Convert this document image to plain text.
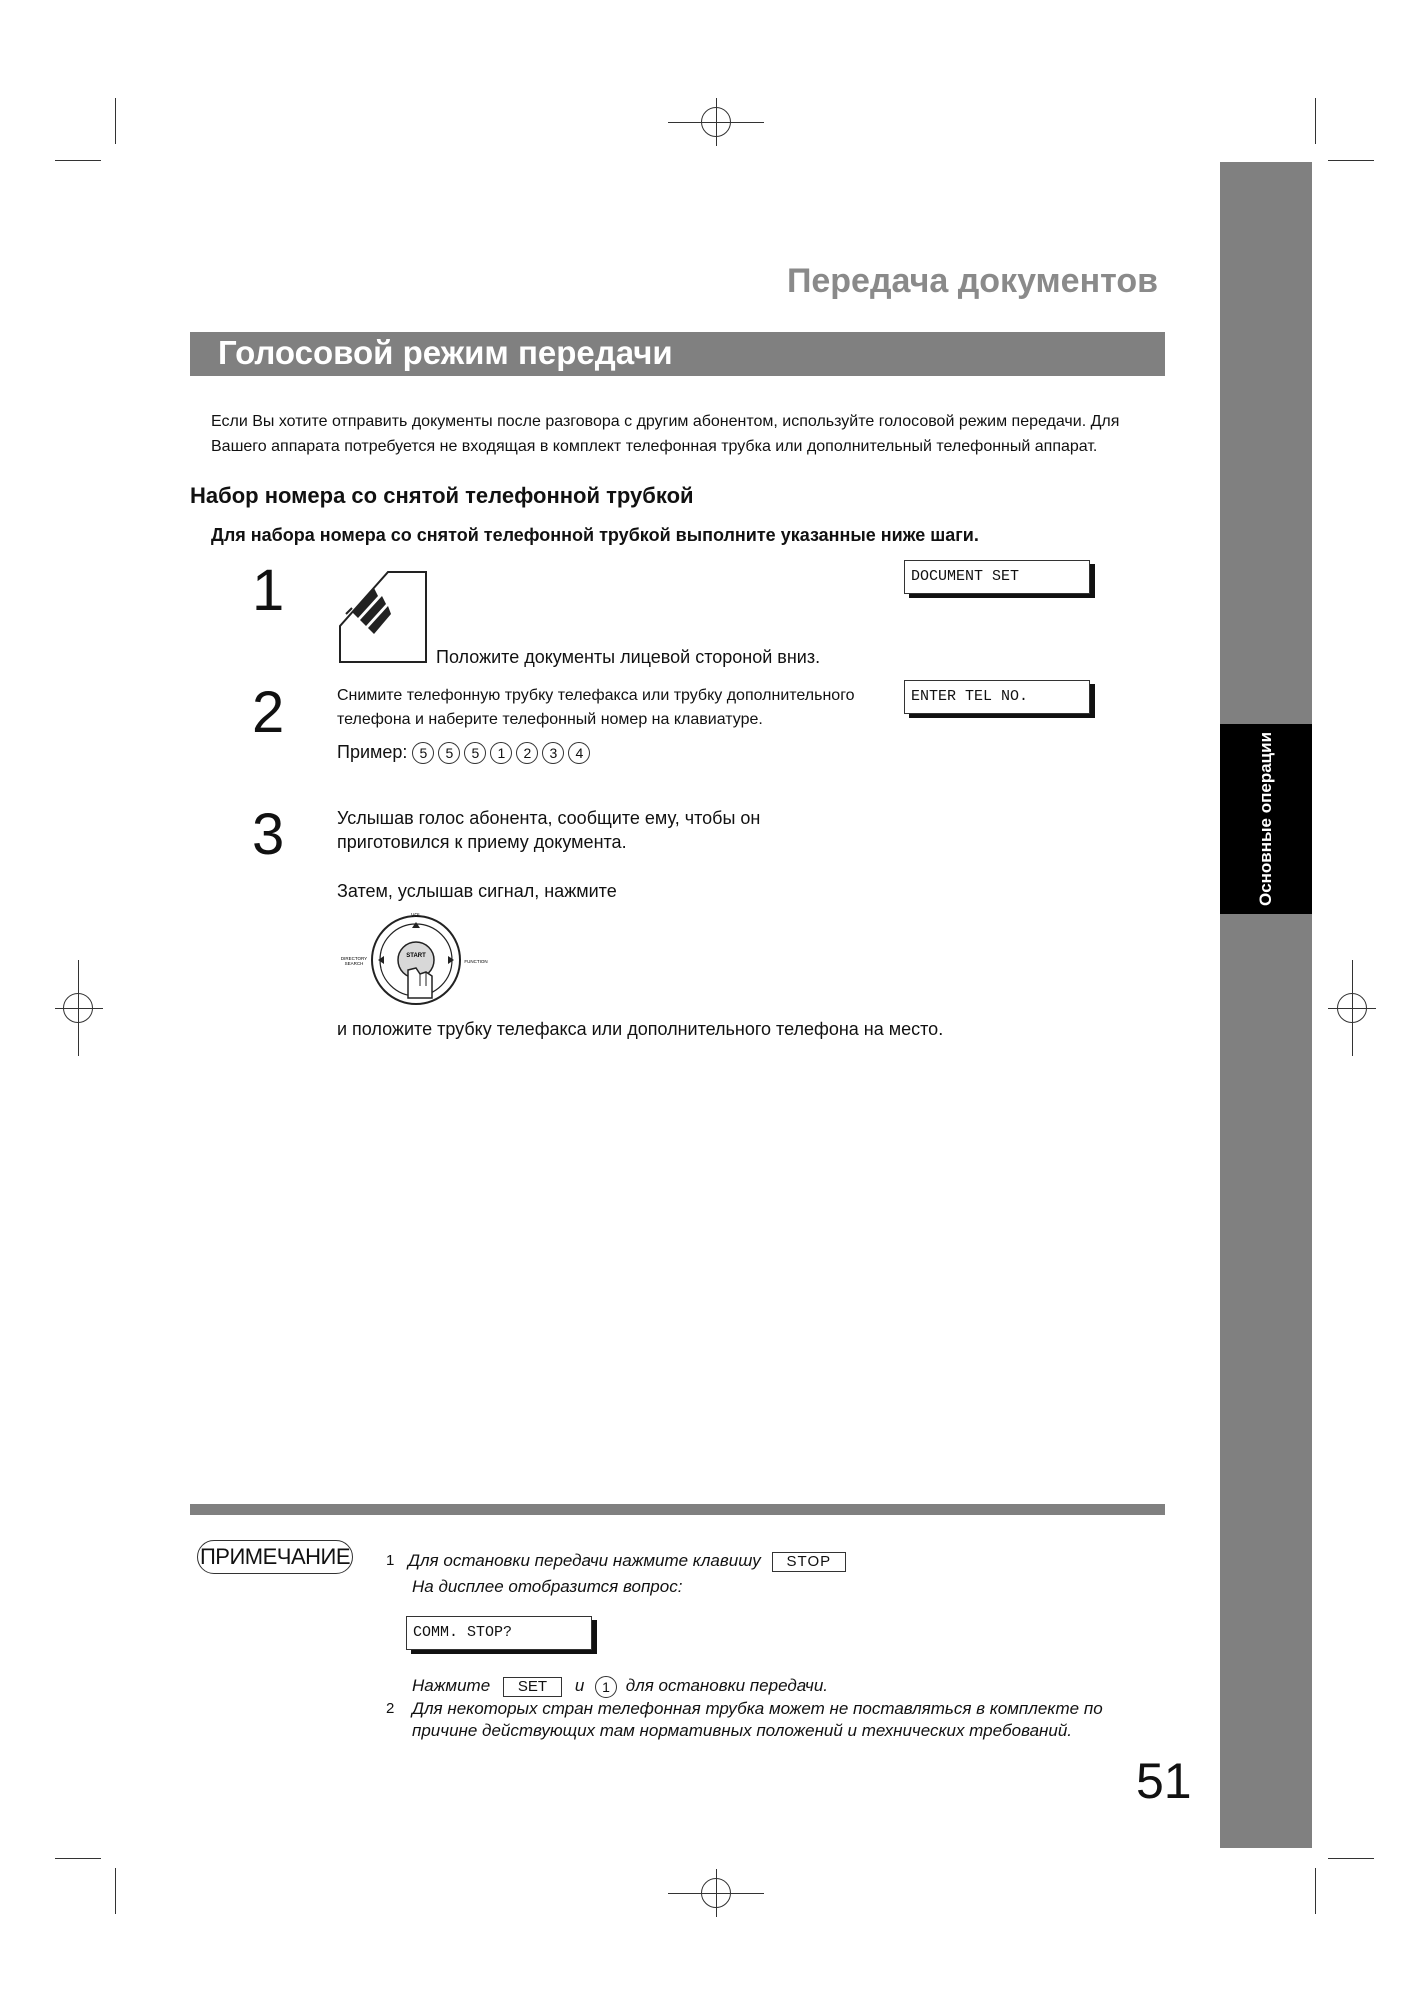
Основные операции
Передача документов
Голосовой режим передачи
Если Вы хотите отправить документы после разговора с другим абонентом, используйте голосовой режим передачи. Для
Вашего аппарата потребуется не входящая в комплект телефонная трубка или дополнительный телефонный аппарат.
Набор номера со снятой телефонной трубкой
Для набора номера со снятой телефонной трубкой выполните указанные ниже шаги.
1
Положите документы лицевой стороной вниз.
DOCUMENT SET
2	Снимите телефонную трубку телефакса или трубку дополнительного
телефона и наберите телефонный номер на клавиатуре.
Пример: 5 5 5 1 2 3 4
ENTER TEL NO.
3	Услышав голос абонента, сообщите ему, чтобы он
приготовился к приему документа.
Затем, услышав сигнал, нажмите
START
VOL
DIRECTORY
SEARCH	FUNCTION
и положите трубку телефакса или дополнительного телефона на место.
ПРИМЕЧАНИЕ 1 Для остановки передачи нажмите клавишу STOP
На дисплее отобразится вопрос:
COMM. STOP?
Нажмите SET и 1 для остановки передачи.
2 Для некоторых стран телефонная трубка может не поставляться в комплекте по
причине действующих там нормативных положений и технических требований.
51
